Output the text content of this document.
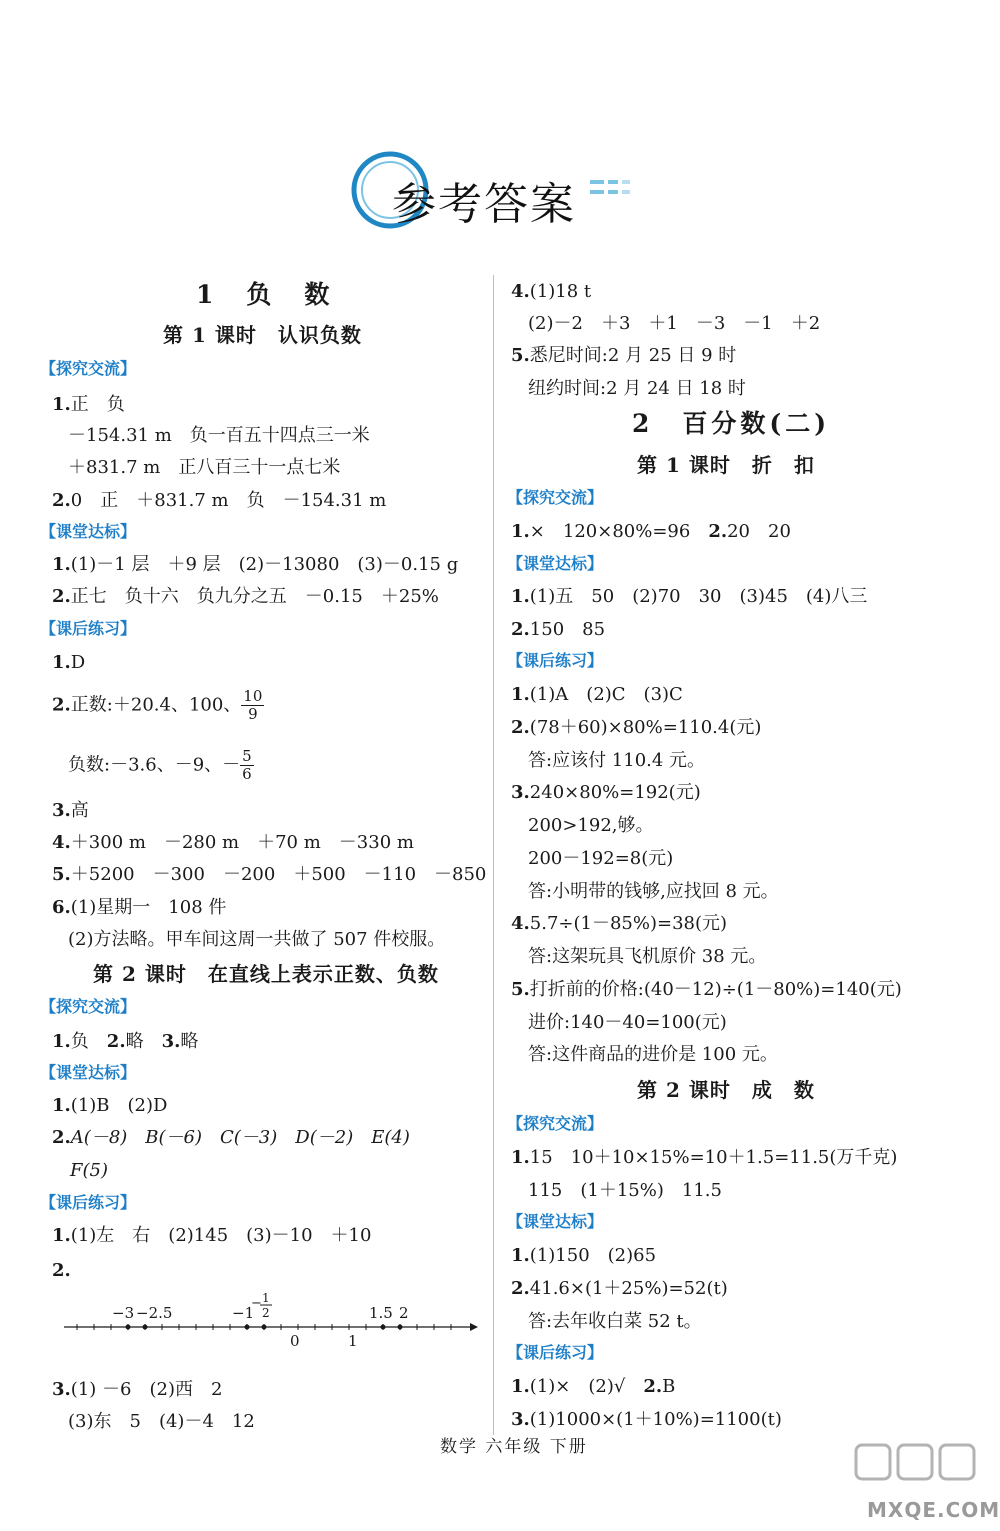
参考答案
1　 负　数
第 1 课时　认识负数
【探究交流】
1.正　负
－154.31 m　负一百五十四点三一米
＋831.7 m　正八百三十一点七米
2.0　正　＋831.7 m　负　－154.31 m
【课堂达标】
1.(1)－1 层　＋9 层　(2)－13080　(3)－0.15 g
2.正七　负十六　负九分之五　－0.15　＋25%
【课后练习】
1.D
2.正数:＋20.4、100、 $\frac{10}{9}$
负数:－3.6、－9、－ $\frac{5}{6}$
3.高
4.＋300 m　－280 m　＋70 m　－330 m
5.＋5200　－300　－200　＋500　－110　－850
6.(1)星期一　108 件
(2)方法略。甲车间这周一共做了 507 件校服。
第 2 课时　在直线上表示正数、负数
【探究交流】
1.负　 2.略　 3.略
【课堂达标】
1.(1)B　(2)D
2.A(－8)　B(－6)　C(－3)　D(－2)　E(4)
F(5)
【课后练习】
1.(1)左　右　(2)145　(3)－10　＋10
2.
−3 −2.5	−1	1.5 2
0	1
− 1
2
3.(1) －6　(2)西　2
(3)东　5　(4)－4　12
4.(1)18 t
(2)－2　＋3　＋1　－3　－1　＋2
5.悉尼时间:2 月 25 日 9 时
纽约时间:2 月 24 日 18 时
2　 百分数(二)
第 1 课时　折　扣
【探究交流】
1.×　120×80%=96　 2.20　20
【课堂达标】
1.(1)五　50　(2)70　30　(3)45　(4)八三
2.150　85
【课后练习】
1.(1)A　(2)C　(3)C
2.(78＋60)×80%=110.4(元)
答:应该付 110.4 元。
3.240×80%=192(元)
200>192,够。
200－192=8(元)
答:小明带的钱够,应找回 8 元。
4.5.7÷(1－85%)=38(元)
答:这架玩具飞机原价 38 元。
5.打折前的价格:(40－12)÷(1－80%)=140(元)
进价:140－40=100(元)
答:这件商品的进价是 100 元。
第 2 课时　成　数
【探究交流】
1.15　10＋10×15%=10＋1.5=11.5(万千克)
115　(1＋15%)　11.5
【课堂达标】
1.(1)150　(2)65
2.41.6×(1＋25%)=52(t)
答:去年收白菜 52 t。
【课后练习】
1.(1)×　(2)√　 2.B
3.(1)1000×(1＋10%)=1100(t)
数学 六年级 下册
MXQE.COM
